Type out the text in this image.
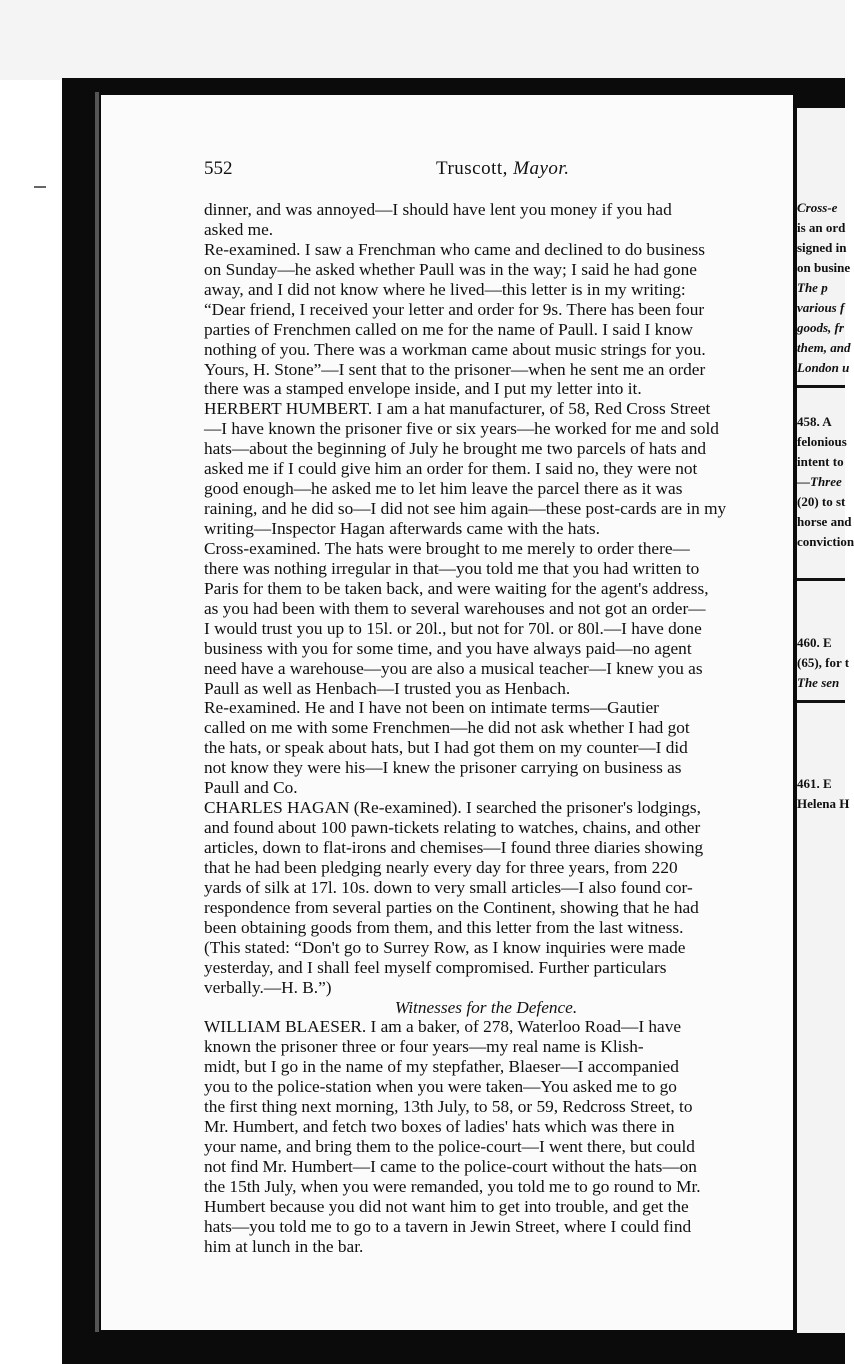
552	Truscott, Mayor.
dinner, and was annoyed—I should have lent you money if you had
asked me.
Re-examined. I saw a Frenchman who came and declined to do business
on Sunday—he asked whether Paull was in the way; I said he had gone
away, and I did not know where he lived—this letter is in my writing:
“Dear friend, I received your letter and order for 9s. There has been four
parties of Frenchmen called on me for the name of Paull. I said I know
nothing of you. There was a workman came about music strings for you.
Yours, H. Stone”—I sent that to the prisoner—when he sent me an order
there was a stamped envelope inside, and I put my letter into it.
HERBERT HUMBERT. I am a hat manufacturer, of 58, Red Cross Street
—I have known the prisoner five or six years—he worked for me and sold
hats—about the beginning of July he brought me two parcels of hats and
asked me if I could give him an order for them. I said no, they were not
good enough—he asked me to let him leave the parcel there as it was
raining, and he did so—I did not see him again—these post-cards are in my
writing—Inspector Hagan afterwards came with the hats.
Cross-examined. The hats were brought to me merely to order there—
there was nothing irregular in that—you told me that you had written to
Paris for them to be taken back, and were waiting for the agent's address,
as you had been with them to several warehouses and not got an order—
I would trust you up to 15l. or 20l., but not for 70l. or 80l.—I have done
business with you for some time, and you have always paid—no agent
need have a warehouse—you are also a musical teacher—I knew you as
Paull as well as Henbach—I trusted you as Henbach.
Re-examined. He and I have not been on intimate terms—Gautier
called on me with some Frenchmen—he did not ask whether I had got
the hats, or speak about hats, but I had got them on my counter—I did
not know they were his—I knew the prisoner carrying on business as
Paull and Co.
CHARLES HAGAN (Re-examined). I searched the prisoner's lodgings,
and found about 100 pawn-tickets relating to watches, chains, and other
articles, down to flat-irons and chemises—I found three diaries showing
that he had been pledging nearly every day for three years, from 220
yards of silk at 17l. 10s. down to very small articles—I also found cor-
respondence from several parties on the Continent, showing that he had
been obtaining goods from them, and this letter from the last witness.
(This stated: “Don't go to Surrey Row, as I know inquiries were made
yesterday, and I shall feel myself compromised. Further particulars
verbally.—H. B.”)
Witnesses for the Defence.
WILLIAM BLAESER. I am a baker, of 278, Waterloo Road—I have
known the prisoner three or four years—my real name is Klish-
midt, but I go in the name of my stepfather, Blaeser—I accompanied
you to the police-station when you were taken—You asked me to go
the first thing next morning, 13th July, to 58, or 59, Redcross Street, to
Mr. Humbert, and fetch two boxes of ladies' hats which was there in
your name, and bring them to the police-court—I went there, but could
not find Mr. Humbert—I came to the police-court without the hats—on
the 15th July, when you were remanded, you told me to go round to Mr.
Humbert because you did not want him to get into trouble, and get the
hats—you told me to go to a tavern in Jewin Street, where I could find
him at lunch in the bar.
Cross-e
is an ord
signed in
on busine
The p
various f
goods, fr
them, and
London u
458. A
felonious
intent to
—Three
(20) to st
horse and
conviction
460. E
(65), for t
The sen
461. E
Helena H
